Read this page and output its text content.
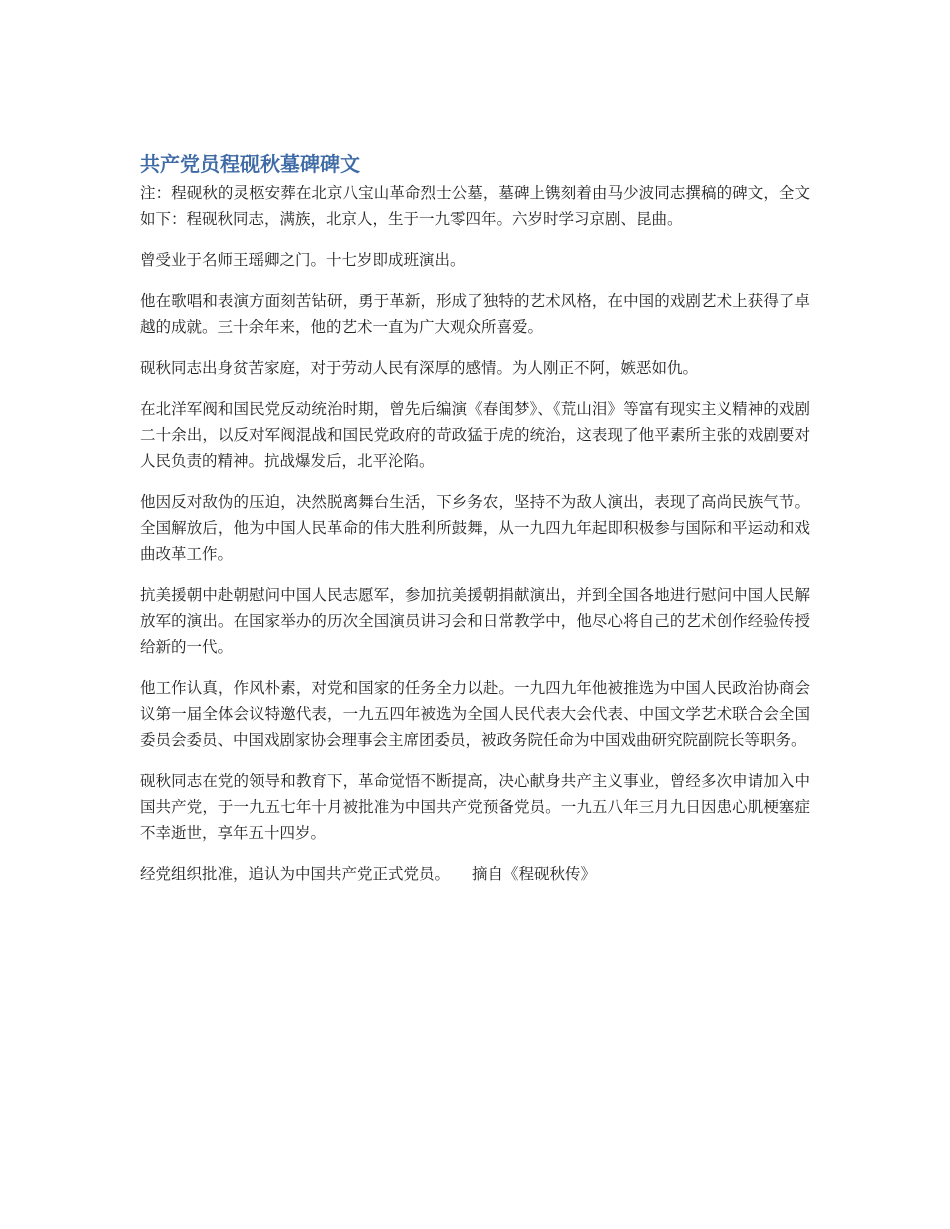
共产党员程砚秋墓碑碑文

注：程砚秋的灵柩安葬在北京八宝山革命烈士公墓，墓碑上镌刻着由马少波同志撰稿的碑文，全文如下：程砚秋同志，满族，北京人，生于一九零四年。六岁时学习京剧、昆曲。

曾受业于名师王瑶卿之门。十七岁即成班演出。

他在歌唱和表演方面刻苦钻研，勇于革新，形成了独特的艺术风格，在中国的戏剧艺术上获得了卓越的成就。三十余年来，他的艺术一直为广大观众所喜爱。

砚秋同志出身贫苦家庭，对于劳动人民有深厚的感情。为人刚正不阿，嫉恶如仇。

在北洋军阀和国民党反动统治时期，曾先后编演《春闺梦》、《荒山泪》等富有现实主义精神的戏剧二十余出，以反对军阀混战和国民党政府的苛政猛于虎的统治，这表现了他平素所主张的戏剧要对人民负责的精神。抗战爆发后，北平沦陷。

他因反对敌伪的压迫，决然脱离舞台生活，下乡务农，坚持不为敌人演出，表现了高尚民族气节。全国解放后，他为中国人民革命的伟大胜利所鼓舞，从一九四九年起即积极参与国际和平运动和戏曲改革工作。

抗美援朝中赴朝慰问中国人民志愿军，参加抗美援朝捐献演出，并到全国各地进行慰问中国人民解放军的演出。在国家举办的历次全国演员讲习会和日常教学中，他尽心将自己的艺术创作经验传授给新的一代。

他工作认真，作风朴素，对党和国家的任务全力以赴。一九四九年他被推选为中国人民政治协商会议第一届全体会议特邀代表，一九五四年被选为全国人民代表大会代表、中国文学艺术联合会全国委员会委员、中国戏剧家协会理事会主席团委员，被政务院任命为中国戏曲研究院副院长等职务。

砚秋同志在党的领导和教育下，革命觉悟不断提高，决心献身共产主义事业，曾经多次申请加入中国共产党，于一九五七年十月被批准为中国共产党预备党员。一九五八年三月九日因患心肌梗塞症不幸逝世，享年五十四岁。

经党组织批准，追认为中国共产党正式党员。 摘自《程砚秋传》
